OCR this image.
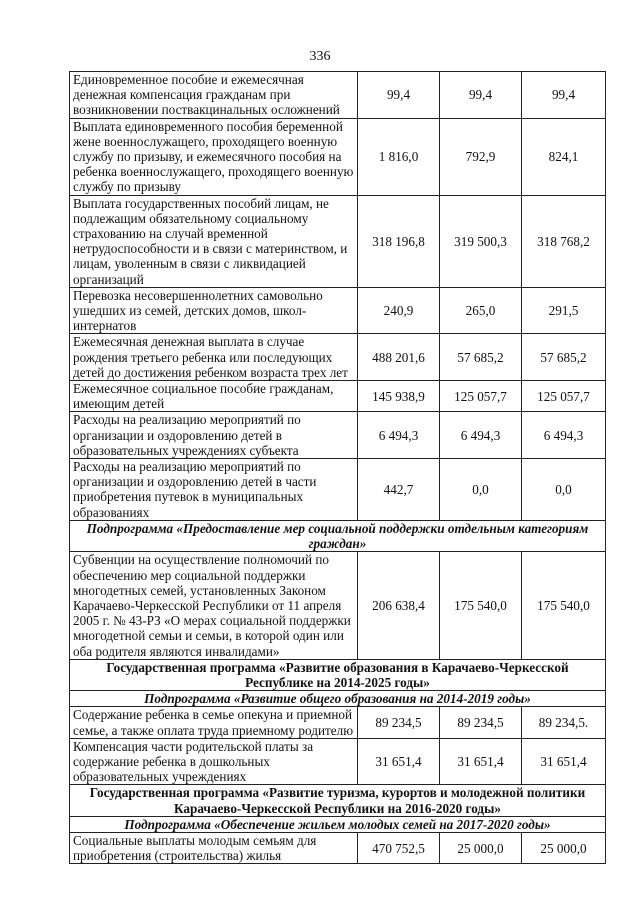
336
Единовременное пособие и ежемесячная денежная компенсация гражданам при возникновении поствакцинальных осложнений	99,4	99,4	99,4
Выплата единовременного пособия беременной жене военнослужащего, проходящего военную службу по призыву, и ежемесячного пособия на ребенка военнослужащего, проходящего военную службу по призыву	1 816,0	792,9	824,1
Выплата государственных пособий лицам, не подлежащим обязательному социальному страхованию на случай временной нетрудоспособности и в связи с материнством, и лицам, уволенным в связи с ликвидацией организаций	318 196,8	319 500,3	318 768,2
Перевозка несовершеннолетних самовольно ушедших из семей, детских домов, школ-интернатов	240,9	265,0	291,5
Ежемесячная денежная выплата в случае рождения третьего ребенка или последующих детей до достижения ребенком возраста трех лет	488 201,6	57 685,2	57 685,2
Ежемесячное социальное пособие гражданам, имеющим детей	145 938,9	125 057,7	125 057,7
Расходы на реализацию мероприятий по организации и оздоровлению детей в образовательных учреждениях субъекта	6 494,3	6 494,3	6 494,3
Расходы на реализацию мероприятий по организации и оздоровлению детей в части приобретения путевок в муниципальных образованиях	442,7	0,0	0,0
Подпрограмма «Предоставление мер социальной поддержки отдельным категориям граждан»			
Субвенции на осуществление полномочий по обеспечению мер социальной поддержки многодетных семей, установленных Законом Карачаево-Черкесской Республики от 11 апреля 2005 г. № 43-РЗ «О мерах социальной поддержки многодетной семьи и семьи, в которой один или оба родителя являются инвалидами»	206 638,4	175 540,0	175 540,0
Государственная программа «Развитие образования в Карачаево-Черкесской Республике на 2014-2025 годы»			
Подпрограмма «Развитие общего образования на 2014-2019 годы»			
Содержание ребенка в семье опекуна и приемной семье, а также оплата труда приемному родителю	89 234,5	89 234,5	89 234,5.
Компенсация части родительской платы за содержание ребенка в дошкольных образовательных учреждениях	31 651,4	31 651,4	31 651,4
Государственная программа «Развитие туризма, курортов и молодежной политики Карачаево-Черкесской Республики на 2016-2020 годы»			
Подпрограмма «Обеспечение жильем молодых семей на 2017-2020 годы»			
Социальные выплаты молодым семьям для приобретения (строительства) жилья	470 752,5	25 000,0	25 000,0
